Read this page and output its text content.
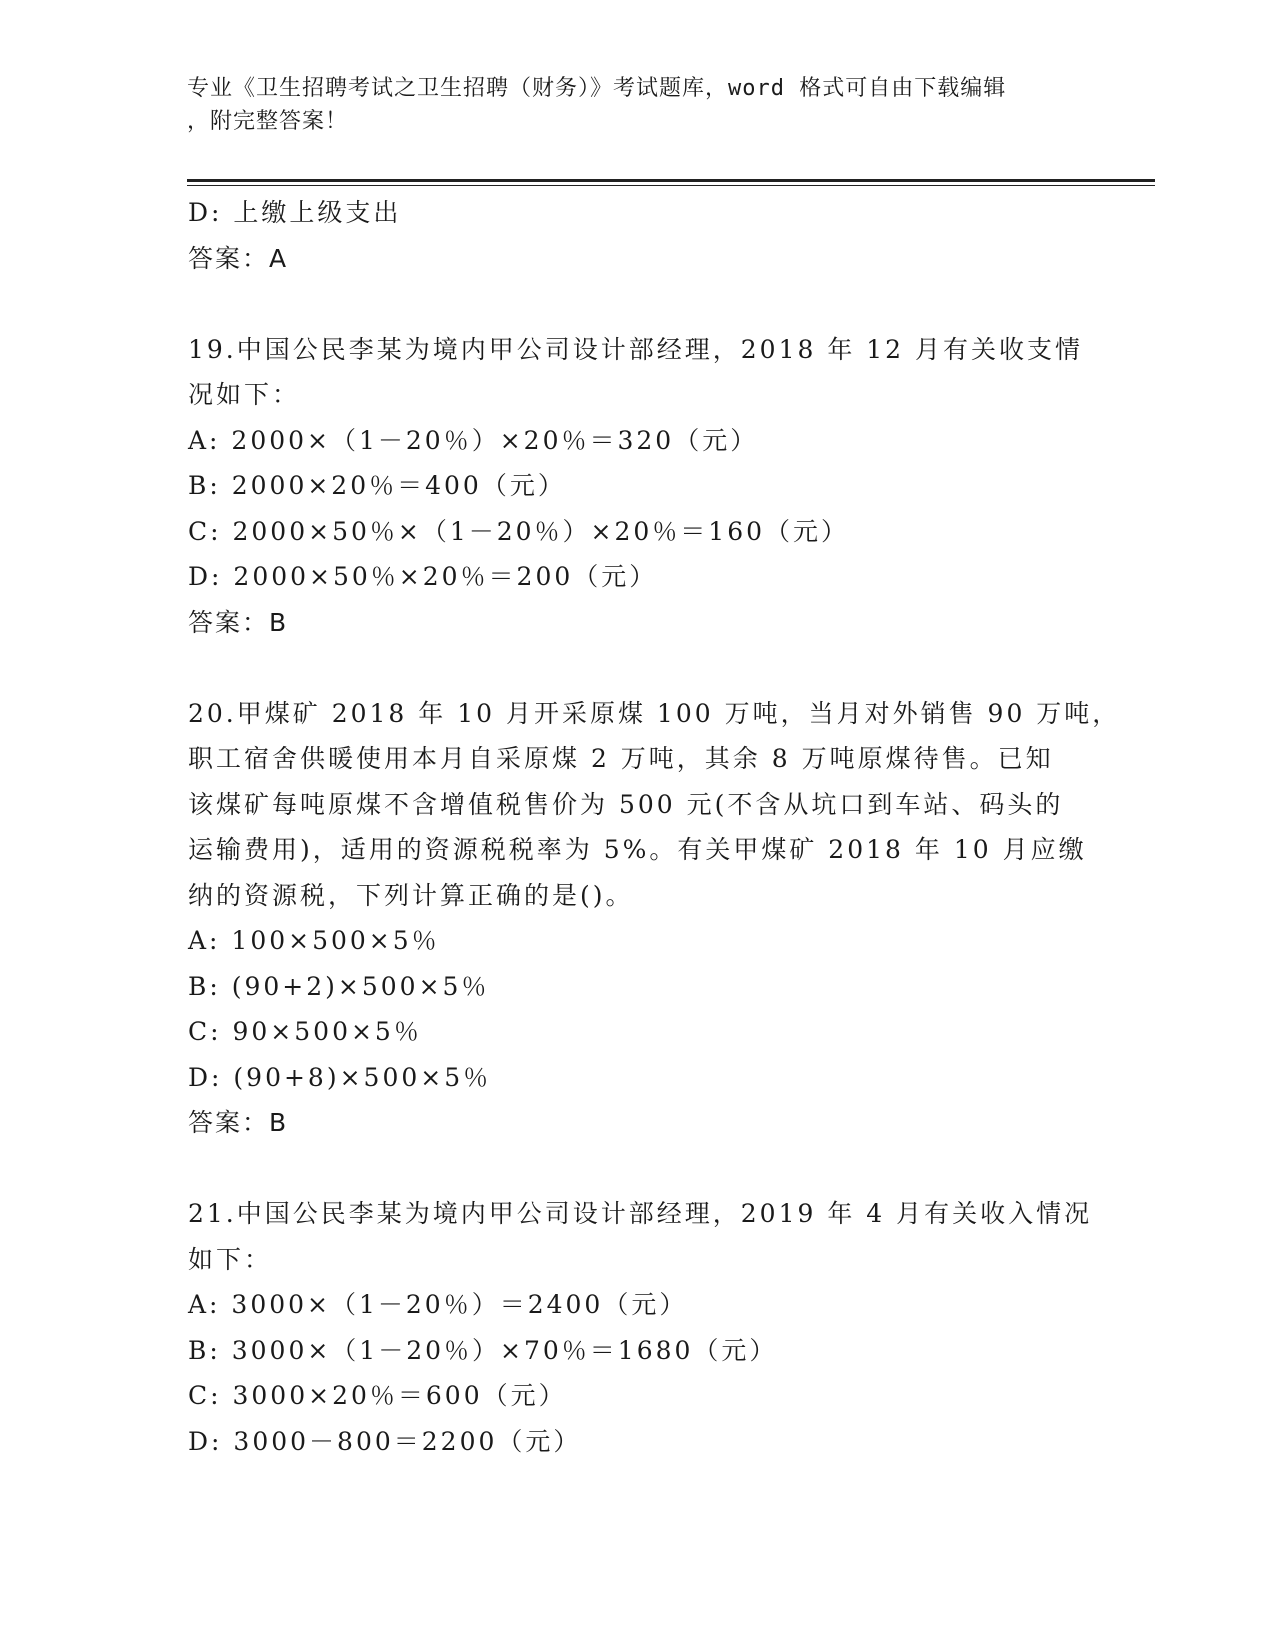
专业《卫生招聘考试之卫生招聘（财务）》考试题库，word 格式可自由下载编辑
，附完整答案！
D: 上缴上级支出
答案：A
19.中国公民李某为境内甲公司设计部经理，2018 年 12 月有关收支情
况如下：
A: 2000×（1－20％）×20％＝320（元）
B: 2000×20％＝400（元）
C: 2000×50％×（1－20％）×20％＝160（元）
D: 2000×50％×20％＝200（元）
答案：B
20.甲煤矿 2018 年 10 月开采原煤 100 万吨，当月对外销售 90 万吨，
职工宿舍供暖使用本月自采原煤 2 万吨，其余 8 万吨原煤待售。已知
该煤矿每吨原煤不含增值税售价为 500 元(不含从坑口到车站、码头的
运输费用)，适用的资源税税率为 5%。有关甲煤矿 2018 年 10 月应缴
纳的资源税，下列计算正确的是()。
A: 100×500×5％
B: (90+2)×500×5％
C: 90×500×5％
D: (90+8)×500×5％
答案：B
21.中国公民李某为境内甲公司设计部经理，2019 年 4 月有关收入情况
如下：
A: 3000×（1－20％）＝2400（元）
B: 3000×（1－20％）×70％＝1680（元）
C: 3000×20％＝600（元）
D: 3000－800＝2200（元）
